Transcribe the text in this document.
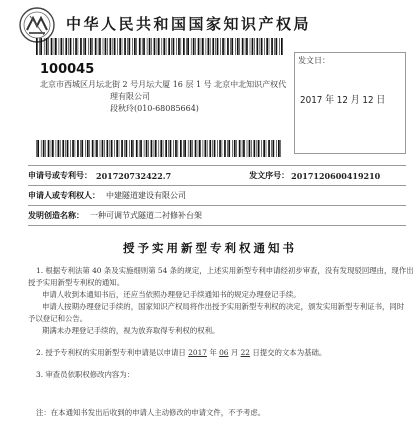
中华人民共和国国家知识产权局
100045
北京市西城区月坛北街 2 号月坛大厦 16 层 1 号 北京中北知识产权代
理有限公司
段秋玲(010-68085664)
发文日：
2017 年 12 月 12 日
申请号或专利号： 201720732422.7	发文序号： 2017120600419210
申请人或专利权人： 中建隧道建设有限公司
发明创造名称： 一种可调节式隧道二衬修补台架
授予实用新型专利权通知书

1. 根据专利法第 40 条及实施细则第 54 条的规定，上述实用新型专利申请经初步审查，没有发现驳回理由，现作出

授予实用新型专利权的通知。

申请人收到本通知书后，还应当依照办理登记手续通知书的规定办理登记手续。

申请人按期办理登记手续的，国家知识产权局将作出授予实用新型专利权的决定，颁发实用新型专利证书，同时

予以登记和公告。

期满未办理登记手续的，视为放弃取得专利权的权利。

2. 授予专利权的实用新型专利申请是以申请日 2017 年 06 月 22 日提交的文本为基础。

3. 审查员依职权修改内容为：

注：在本通知书发出后收到的申请人主动修改的申请文件，不予考虑。
